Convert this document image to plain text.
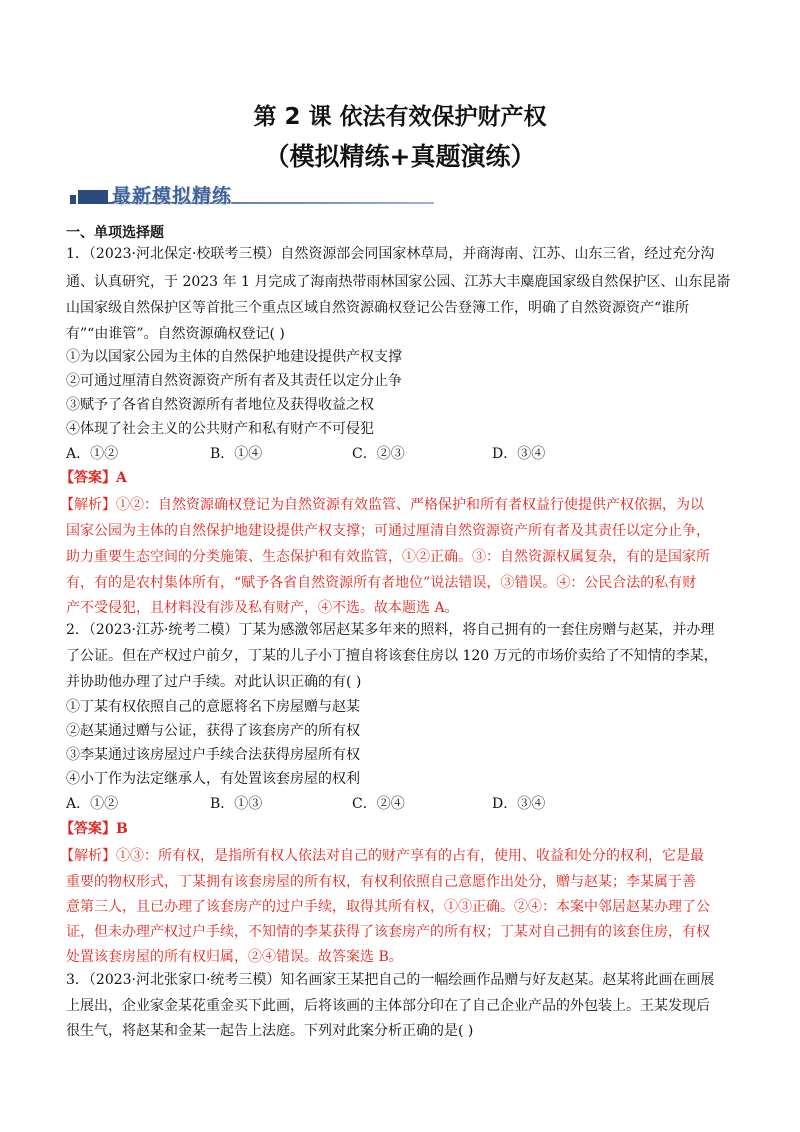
第 2 课 依法有效保护财产权
（模拟精练+真题演练）
最新模拟精练
一、单项选择题
1．（2023·河北保定·校联考三模）自然资源部会同国家林草局，并商海南、江苏、山东三省，经过充分沟
通、认真研究，于 2023 年 1 月完成了海南热带雨林国家公园、江苏大丰麋鹿国家级自然保护区、山东昆嵛
山国家级自然保护区等首批三个重点区域自然资源确权登记公告登簿工作，明确了自然资源资产“谁所
有”“由谁管”。自然资源确权登记( )
①为以国家公园为主体的自然保护地建设提供产权支撑
②可通过厘清自然资源资产所有者及其责任以定分止争
③赋予了各省自然资源所有者地位及获得收益之权
④体现了社会主义的公共财产和私有财产不可侵犯
A．①②	B．①④	C．②③	D．③④
【答案】A
【解析】①②：自然资源确权登记为自然资源有效监管、严格保护和所有者权益行使提供产权依据，为以
国家公园为主体的自然保护地建设提供产权支撑；可通过厘清自然资源资产所有者及其责任以定分止争，
助力重要生态空间的分类施策、生态保护和有效监管，①②正确。③：自然资源权属复杂，有的是国家所
有，有的是农村集体所有，“赋予各省自然资源所有者地位”说法错误，③错误。④：公民合法的私有财
产不受侵犯，且材料没有涉及私有财产，④不选。故本题选 A。
2．（2023·江苏·统考二模）丁某为感激邻居赵某多年来的照料，将自己拥有的一套住房赠与赵某，并办理
了公证。但在产权过户前夕，丁某的儿子小丁擅自将该套住房以 120 万元的市场价卖给了不知情的李某，
并协助他办理了过户手续。对此认识正确的有( )
①丁某有权依照自己的意愿将名下房屋赠与赵某
②赵某通过赠与公证，获得了该套房产的所有权
③李某通过该房屋过户手续合法获得房屋所有权
④小丁作为法定继承人，有处置该套房屋的权利
A．①②	B．①③	C．②④	D．③④
【答案】B
【解析】①③：所有权，是指所有权人依法对自己的财产享有的占有，使用、收益和处分的权利，它是最
重要的物权形式，丁某拥有该套房屋的所有权，有权利依照自己意愿作出处分，赠与赵某；李某属于善
意第三人，且已办理了该套房产的过户手续，取得其所有权，①③正确。②④：本案中邻居赵某办理了公
证，但未办理产权过户手续，不知情的李某获得了该套房产的所有权；丁某对自己拥有的该套住房，有权
处置该套房屋的所有权归属，②④错误。故答案选 B。
3．（2023·河北张家口·统考三模）知名画家王某把自己的一幅绘画作品赠与好友赵某。赵某将此画在画展
上展出，企业家金某花重金买下此画，后将该画的主体部分印在了自己企业产品的外包装上。王某发现后
很生气，将赵某和金某一起告上法庭。下列对此案分析正确的是( )
